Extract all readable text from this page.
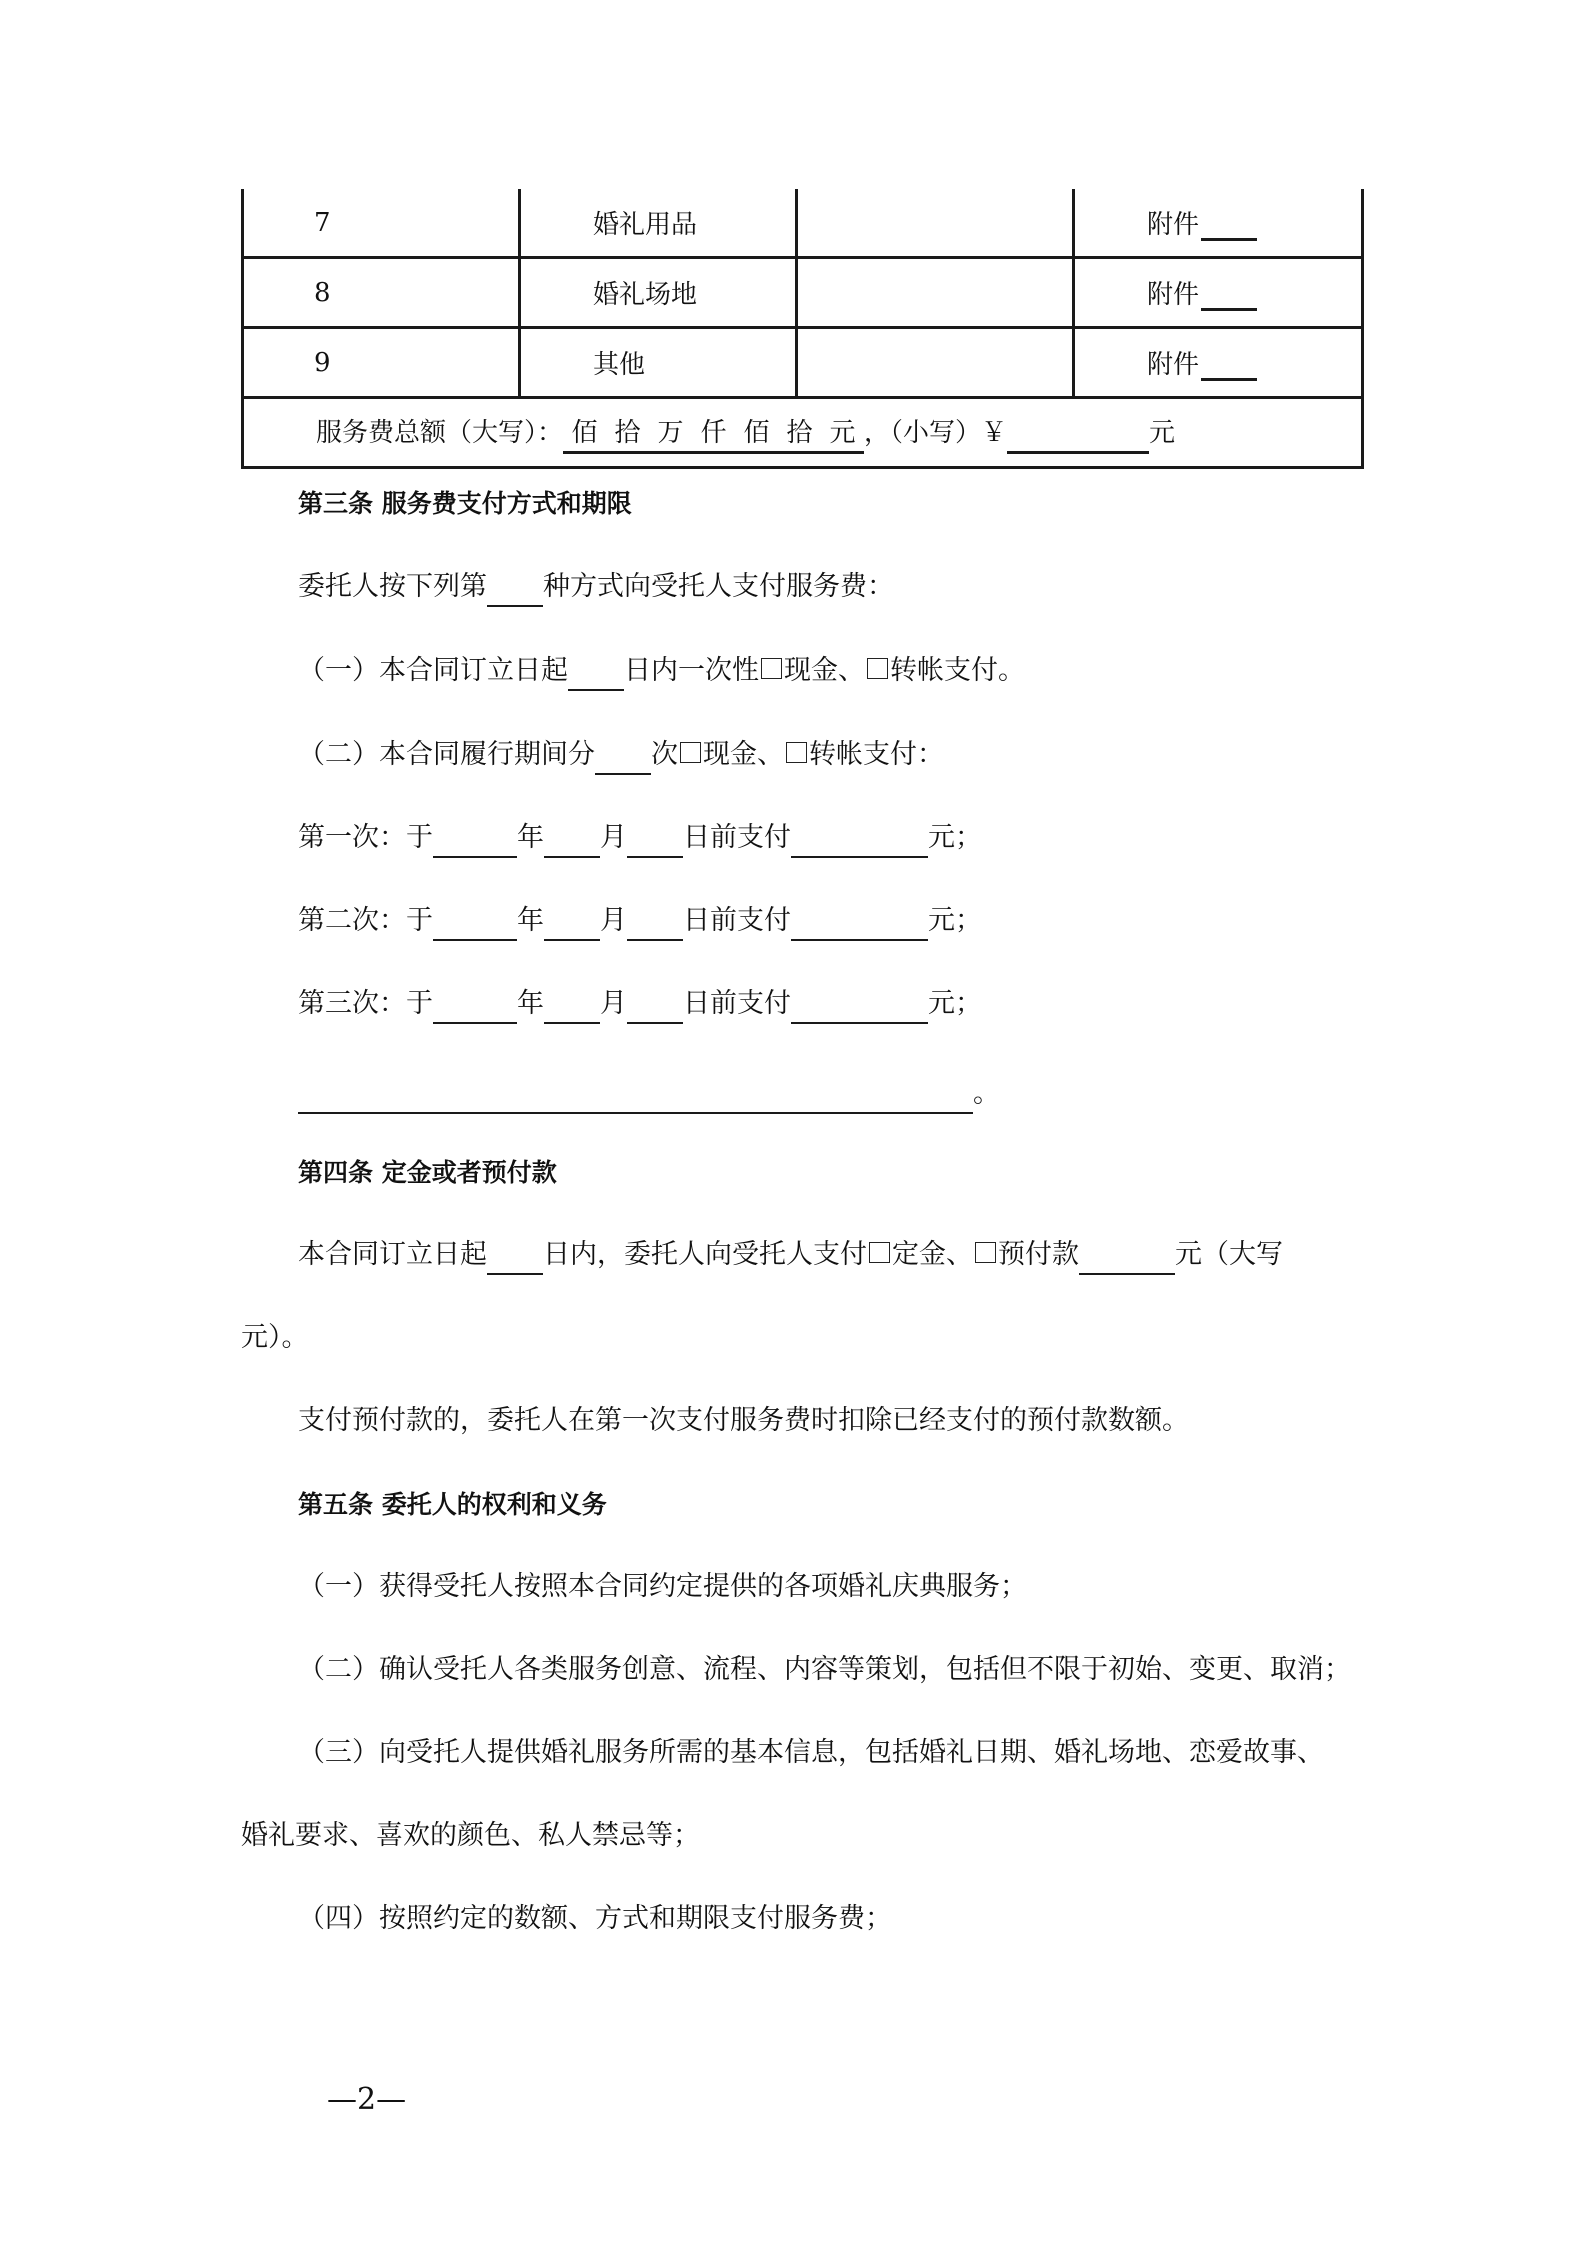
7	婚礼用品		附件
8	婚礼场地		附件
9	其他		附件
服务费总额（大写）： 佰 拾 万 仟 佰 拾 元 ，（小写）￥ 元			
第三条 服务费支付方式和期限
委托人按下列第 种方式向受托人支付服务费：
（一）本合同订立日起 日内一次性 现金、 转帐支付。
（二）本合同履行期间分 次 现金、 转帐支付：
第一次：于	年 月 日前支付	元；
第二次：于	年 月 日前支付	元；
第三次：于	年 月 日前支付	元；
。
第四条 定金或者预付款
本合同订立日起 日内，委托人向受托人支付 定金、 预付款	元（大写
元）。
支付预付款的，委托人在第一次支付服务费时扣除已经支付的预付款数额。
第五条 委托人的权利和义务
（一）获得受托人按照本合同约定提供的各项婚礼庆典服务；
（二）确认受托人各类服务创意、流程、内容等策划，包括但不限于初始、变更、取消；
（三）向受托人提供婚礼服务所需的基本信息，包括婚礼日期、婚礼场地、恋爱故事、
婚礼要求、喜欢的颜色、私人禁忌等；
（四）按照约定的数额、方式和期限支付服务费；
—2—
